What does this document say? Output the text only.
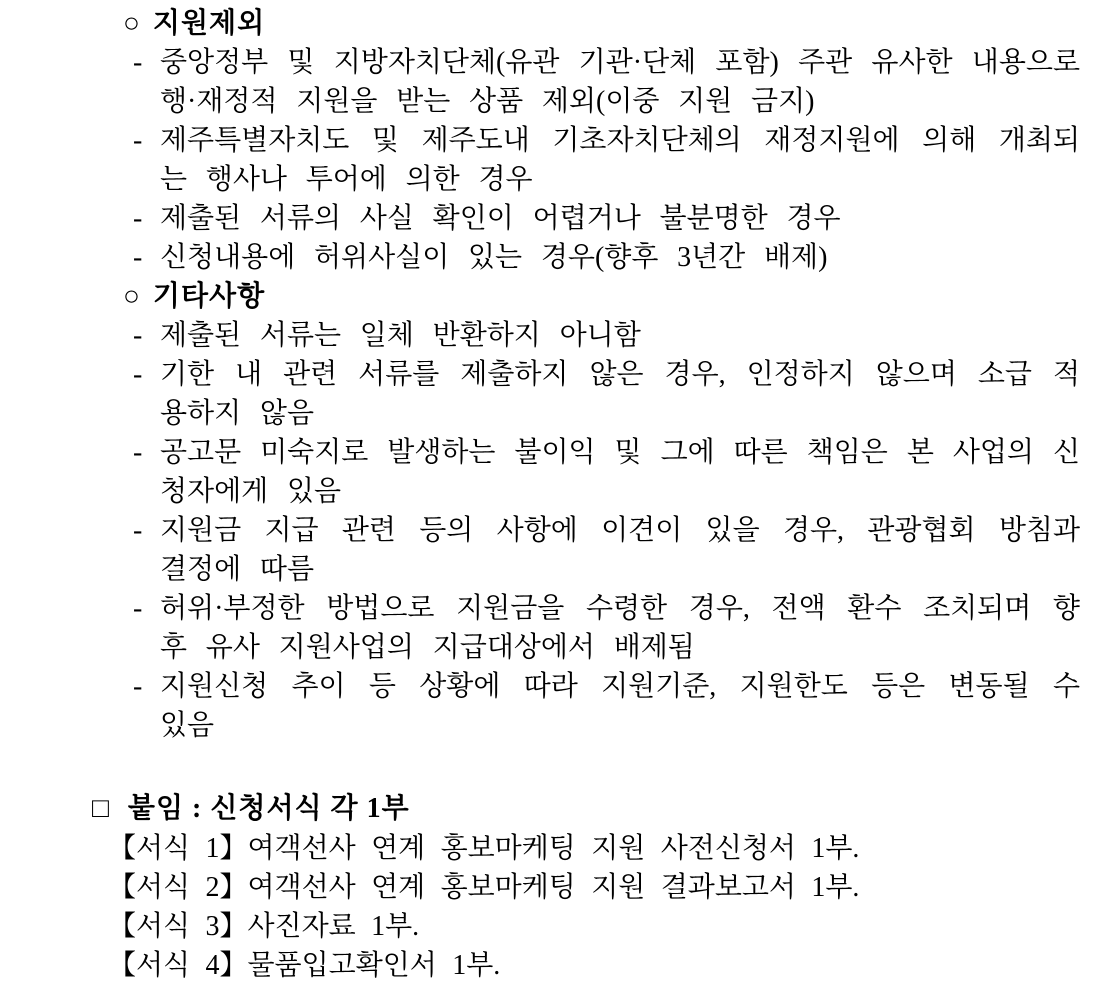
○ 지원제외
- 중앙정부 및 지방자치단체(유관 기관·단체 포함) 주관 유사한 내용으로 행·재정적 지원을 받는 상품 제외(이중 지원 금지)
- 제주특별자치도 및 제주도내 기초자치단체의 재정지원에 의해 개최되는 행사나 투어에 의한 경우
- 제출된 서류의 사실 확인이 어렵거나 불분명한 경우
- 신청내용에 허위사실이 있는 경우(향후 3년간 배제)
○ 기타사항
- 제출된 서류는 일체 반환하지 아니함
- 기한 내 관련 서류를 제출하지 않은 경우, 인정하지 않으며 소급 적용하지 않음
- 공고문 미숙지로 발생하는 불이익 및 그에 따른 책임은 본 사업의 신청자에게 있음
- 지원금 지급 관련 등의 사항에 이견이 있을 경우, 관광협회 방침과 결정에 따름
- 허위·부정한 방법으로 지원금을 수령한 경우, 전액 환수 조치되며 향후 유사 지원사업의 지급대상에서 배제됨
- 지원신청 추이 등 상황에 따라 지원기준, 지원한도 등은 변동될 수 있음
□ 붙임 : 신청서식 각 1부
【서식 1】여객선사 연계 홍보마케팅 지원 사전신청서 1부.
【서식 2】여객선사 연계 홍보마케팅 지원 결과보고서 1부.
【서식 3】사진자료 1부.
【서식 4】물품입고확인서 1부.
